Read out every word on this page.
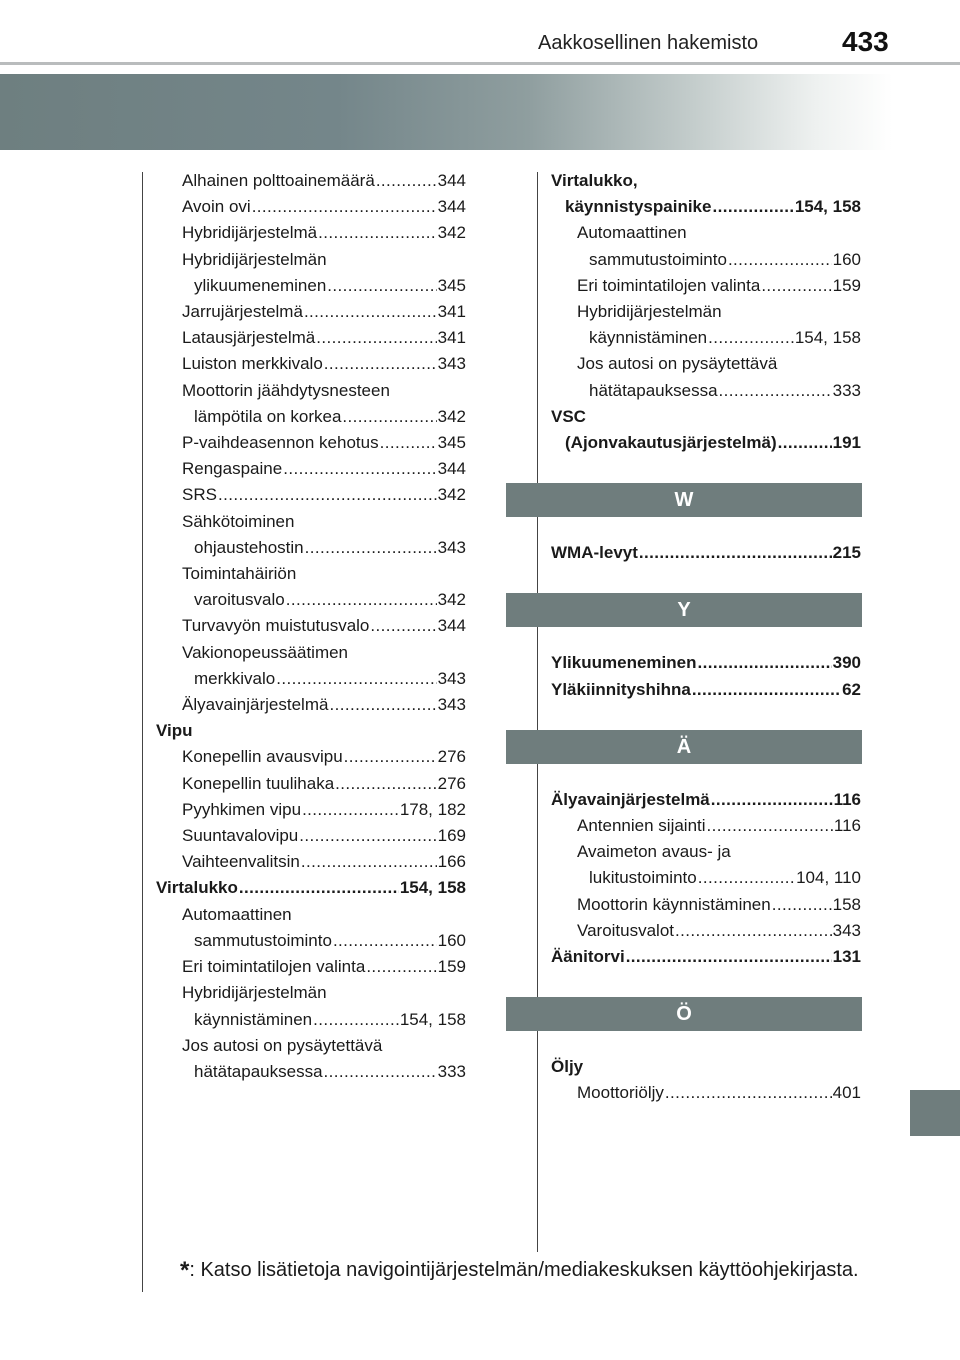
Aakkosellinen hakemisto	433
Alhainen polttoainemäärä .....	344
Avoin ovi .....	344
Hybridijärjestelmä .....	342
Hybridijärjestelmän
ylikuumeneminen .....	345
Jarrujärjestelmä .....	341
Latausjärjestelmä .....	341
Luiston merkkivalo .....	343
Moottorin jäähdytysnesteen
lämpötila on korkea .....	342
P-vaihdeasennon kehotus .....	345
Rengaspaine .....	344
SRS .....	342
Sähkötoiminen
ohjaustehostin .....	343
Toimintahäiriön
varoitusvalo .....	342
Turvavyön muistutusvalo .....	344
Vakionopeussäätimen
merkkivalo .....	343
Älyavainjärjestelmä .....	343
Vipu
Konepellin avausvipu .....	276
Konepellin tuulihaka .....	276
Pyyhkimen vipu .....	178, 182
Suuntavalovipu .....	169
Vaihteenvalitsin .....	166
Virtalukko .....	154, 158
Automaattinen
sammutustoiminto .....	160
Eri toimintatilojen valinta .....	159
Hybridijärjestelmän
käynnistäminen .....	154, 158
Jos autosi on pysäytettävä
hätätapauksessa .....	333
Virtalukko,
käynnistyspainike .....	154, 158
Automaattinen
sammutustoiminto .....	160
Eri toimintatilojen valinta .....	159
Hybridijärjestelmän
käynnistäminen .....	154, 158
Jos autosi on pysäytettävä
hätätapauksessa .....	333
VSC
(Ajonvakautusjärjestelmä) .....	191
W
WMA-levyt .....	215
Y
Ylikuumeneminen .....	390
Yläkiinnityshihna .....	62
Ä
Älyavainjärjestelmä .....	116
Antennien sijainti .....	116
Avaimeton avaus- ja
lukitustoiminto .....	104, 110
Moottorin käynnistäminen .....	158
Varoitusvalot .....	343
Äänitorvi .....	131
Ö
Öljy
Moottoriöljy .....	401
*: Katso lisätietoja navigointijärjestelmän/mediakeskuksen käyttöohjekirjasta.
